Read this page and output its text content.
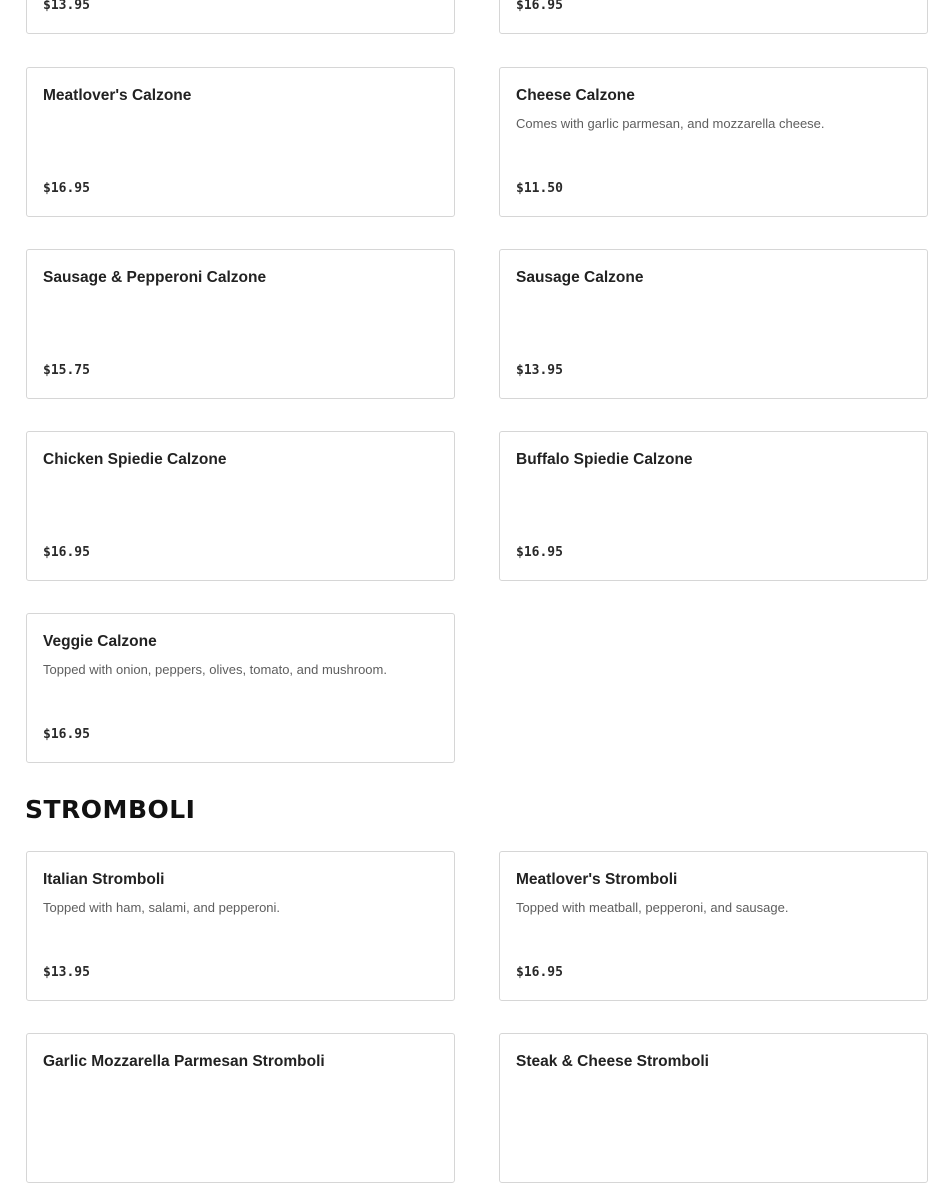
$13.95	$16.95
Meatlover's Calzone
$16.95
Cheese Calzone
Comes with garlic parmesan, and mozzarella cheese.
$11.50
Sausage & Pepperoni Calzone
$15.75
Sausage Calzone
$13.95
Chicken Spiedie Calzone
$16.95
Buffalo Spiedie Calzone
$16.95
Veggie Calzone
Topped with onion, peppers, olives, tomato, and mushroom.
$16.95
STROMBOLI
Italian Stromboli
Topped with ham, salami, and pepperoni.
$13.95
Meatlover's Stromboli
Topped with meatball, pepperoni, and sausage.
$16.95
Garlic Mozzarella Parmesan Stromboli	Steak & Cheese Stromboli
